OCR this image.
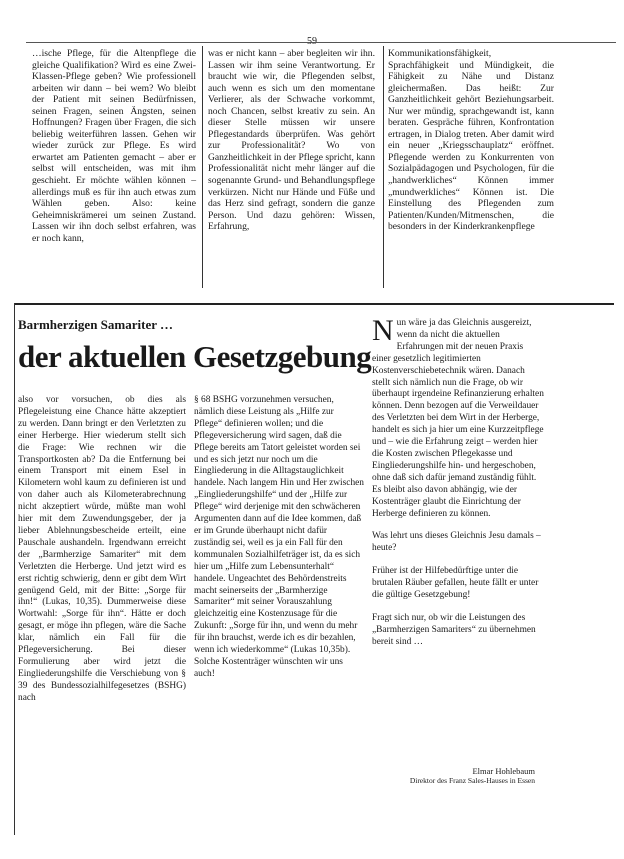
…ische Pflege, für die Altenpflege die gleiche Qualifikation? Wird es eine Zwei-Klassen-Pflege geben? Wie professionell arbeiten wir dann – bei wem? Wo bleibt der Patient mit seinen Bedürfnissen, seinen Fragen, seinen Ängsten, seinen Hoffnungen? Fragen über Fragen, die sich beliebig weiterführen lassen. Gehen wir wieder zurück zur Pflege. Es wird erwartet am Patienten gemacht – aber er selbst will entscheiden, was mit ihm geschieht. Er möchte wählen können – allerdings muß es für ihn auch etwas zum Wählen geben. Also: keine Geheimniskrämerei um seinen Zustand. Lassen wir ihn doch selbst erfahren, was er noch kann,
was er nicht kann – aber begleiten wir ihn. Lassen wir ihm seine Verantwortung. Er braucht wie wir, die Pflegenden selbst, auch wenn es sich um den momentane Verlierer, als der Schwache vorkommt, noch Chancen, selbst kreativ zu sein. An dieser Stelle müssen wir unsere Pflegestandards überprüfen. Was gehört zur Professionalität? Wo von Ganzheitlichkeit in der Pflege spricht, kann Professionalität nicht mehr länger auf die sogenannte Grund- und Behandlungspflege verkürzen. Nicht nur Hände und Füße und das Herz sind gefragt, sondern die ganze Person. Und dazu gehören: Wissen, Erfahrung,
Kommunikationsfähigkeit, Sprachfähigkeit und Mündigkeit, die Fähigkeit zu Nähe und Distanz gleichermaßen. Das heißt: Zur Ganzheitlichkeit gehört Beziehungsarbeit. Nur wer mündig, sprachgewandt ist, kann beraten. Gespräche führen, Konfrontation ertragen, in Dialog treten. Aber damit wird ein neuer „Kriegsschauplatz“ eröffnet. Pflegende werden zu Konkurrenten von Sozialpädagogen und Psychologen, für die „handwerkliches“ Können immer „mundwerkliches“ Können ist. Die Einstellung des Pflegenden zum Patienten/Kunden/Mitmenschen, die besonders in der Kinderkrankenpflege
Barmherzigen Samariter …
der aktuellen Gesetzgebung
also vor vorsuchen, ob dies als Pflegeleistung eine Chance hätte akzeptiert zu werden. Dann bringt er den Verletzten zu einer Herberge. Hier wiederum stellt sich die Frage: Wie rechnen wir die Transportkosten ab? Da die Entfernung bei einem Transport mit einem Esel in Kilometern wohl kaum zu definieren ist und von daher auch als Kilometerabrechnung nicht akzeptiert würde, müßte man wohl hier mit dem Zuwendungsgeber, der ja lieber Ablehnungsbescheide erteilt, eine Pauschale aushandeln. Irgendwann erreicht der „Barmherzige Samariter“ mit dem Verletzten die Herberge. Und jetzt wird es erst richtig schwierig, denn er gibt dem Wirt genügend Geld, mit der Bitte: „Sorge für ihn!“ (Lukas, 10,35). Dummerweise diese Wortwahl: „Sorge für ihn“. Hätte er doch gesagt, er möge ihn pflegen, wäre die Sache klar, nämlich ein Fall für die Pflegeversicherung. Bei dieser Formulierung aber wird jetzt die Eingliederungshilfe die Verschiebung von § 39 des Bundessozialhilfegesetzes (BSHG) nach
§ 68 BSHG vorzunehmen versuchen, nämlich diese Leistung als „Hilfe zur Pflege“ definieren wollen; und die Pflegeversicherung wird sagen, daß die Pflege bereits am Tatort geleistet worden sei und es sich jetzt nur noch um die Eingliederung in die Alltagstauglichkeit handele. Nach langem Hin und Her zwischen „Eingliederungshilfe“ und der „Hilfe zur Pflege“ wird derjenige mit den schwächeren Argumenten dann auf die Idee kommen, daß er im Grunde überhaupt nicht dafür zuständig sei, weil es ja ein Fall für den kommunalen Sozialhilfeträger ist, da es sich hier um „Hilfe zum Lebensunterhalt“ handele. Ungeachtet des Behördenstreits macht seinerseits der „Barmherzige Samariter“ mit seiner Vorauszahlung gleichzeitig eine Kostenzusage für die Zukunft: „Sorge für ihn, und wenn du mehr für ihn brauchst, werde ich es dir bezahlen, wenn ich wiederkomme“ (Lukas 10,35b). Solche Kostenträger wünschten wir uns auch!

Nun wäre ja das Gleichnis ausgereizt, wenn da nicht die aktuellen Erfahrungen mit der neuen Praxis einer gesetzlich legitimierten Kostenverschiebetechnik wären. Danach stellt sich nämlich nun die Frage, ob wir überhaupt irgendeine Refinanzierung erhalten können. Denn bezogen auf die Verweildauer des Verletzten bei dem Wirt in der Herberge, handelt es sich ja hier um eine Kurzzeitpflege und – wie die Erfahrung zeigt – werden hier die Kosten zwischen Pflegekasse und Eingliederungshilfe hin- und hergeschoben, ohne daß sich dafür jemand zuständig fühlt. Es bleibt also davon abhängig, wie der Kostenträger glaubt die Einrichtung der Herberge definieren zu können.

Was lehrt uns dieses Gleichnis Jesu damals – heute?

Früher ist der Hilfebedürftige unter die brutalen Räuber gefallen, heute fällt er unter die gültige Gesetzgebung!

Fragt sich nur, ob wir die Leistungen des „Barmherzigen Samariters“ zu übernehmen bereit sind …

Elmar Hohlebaum
Direktor des Franz Sales-Hauses in Essen
